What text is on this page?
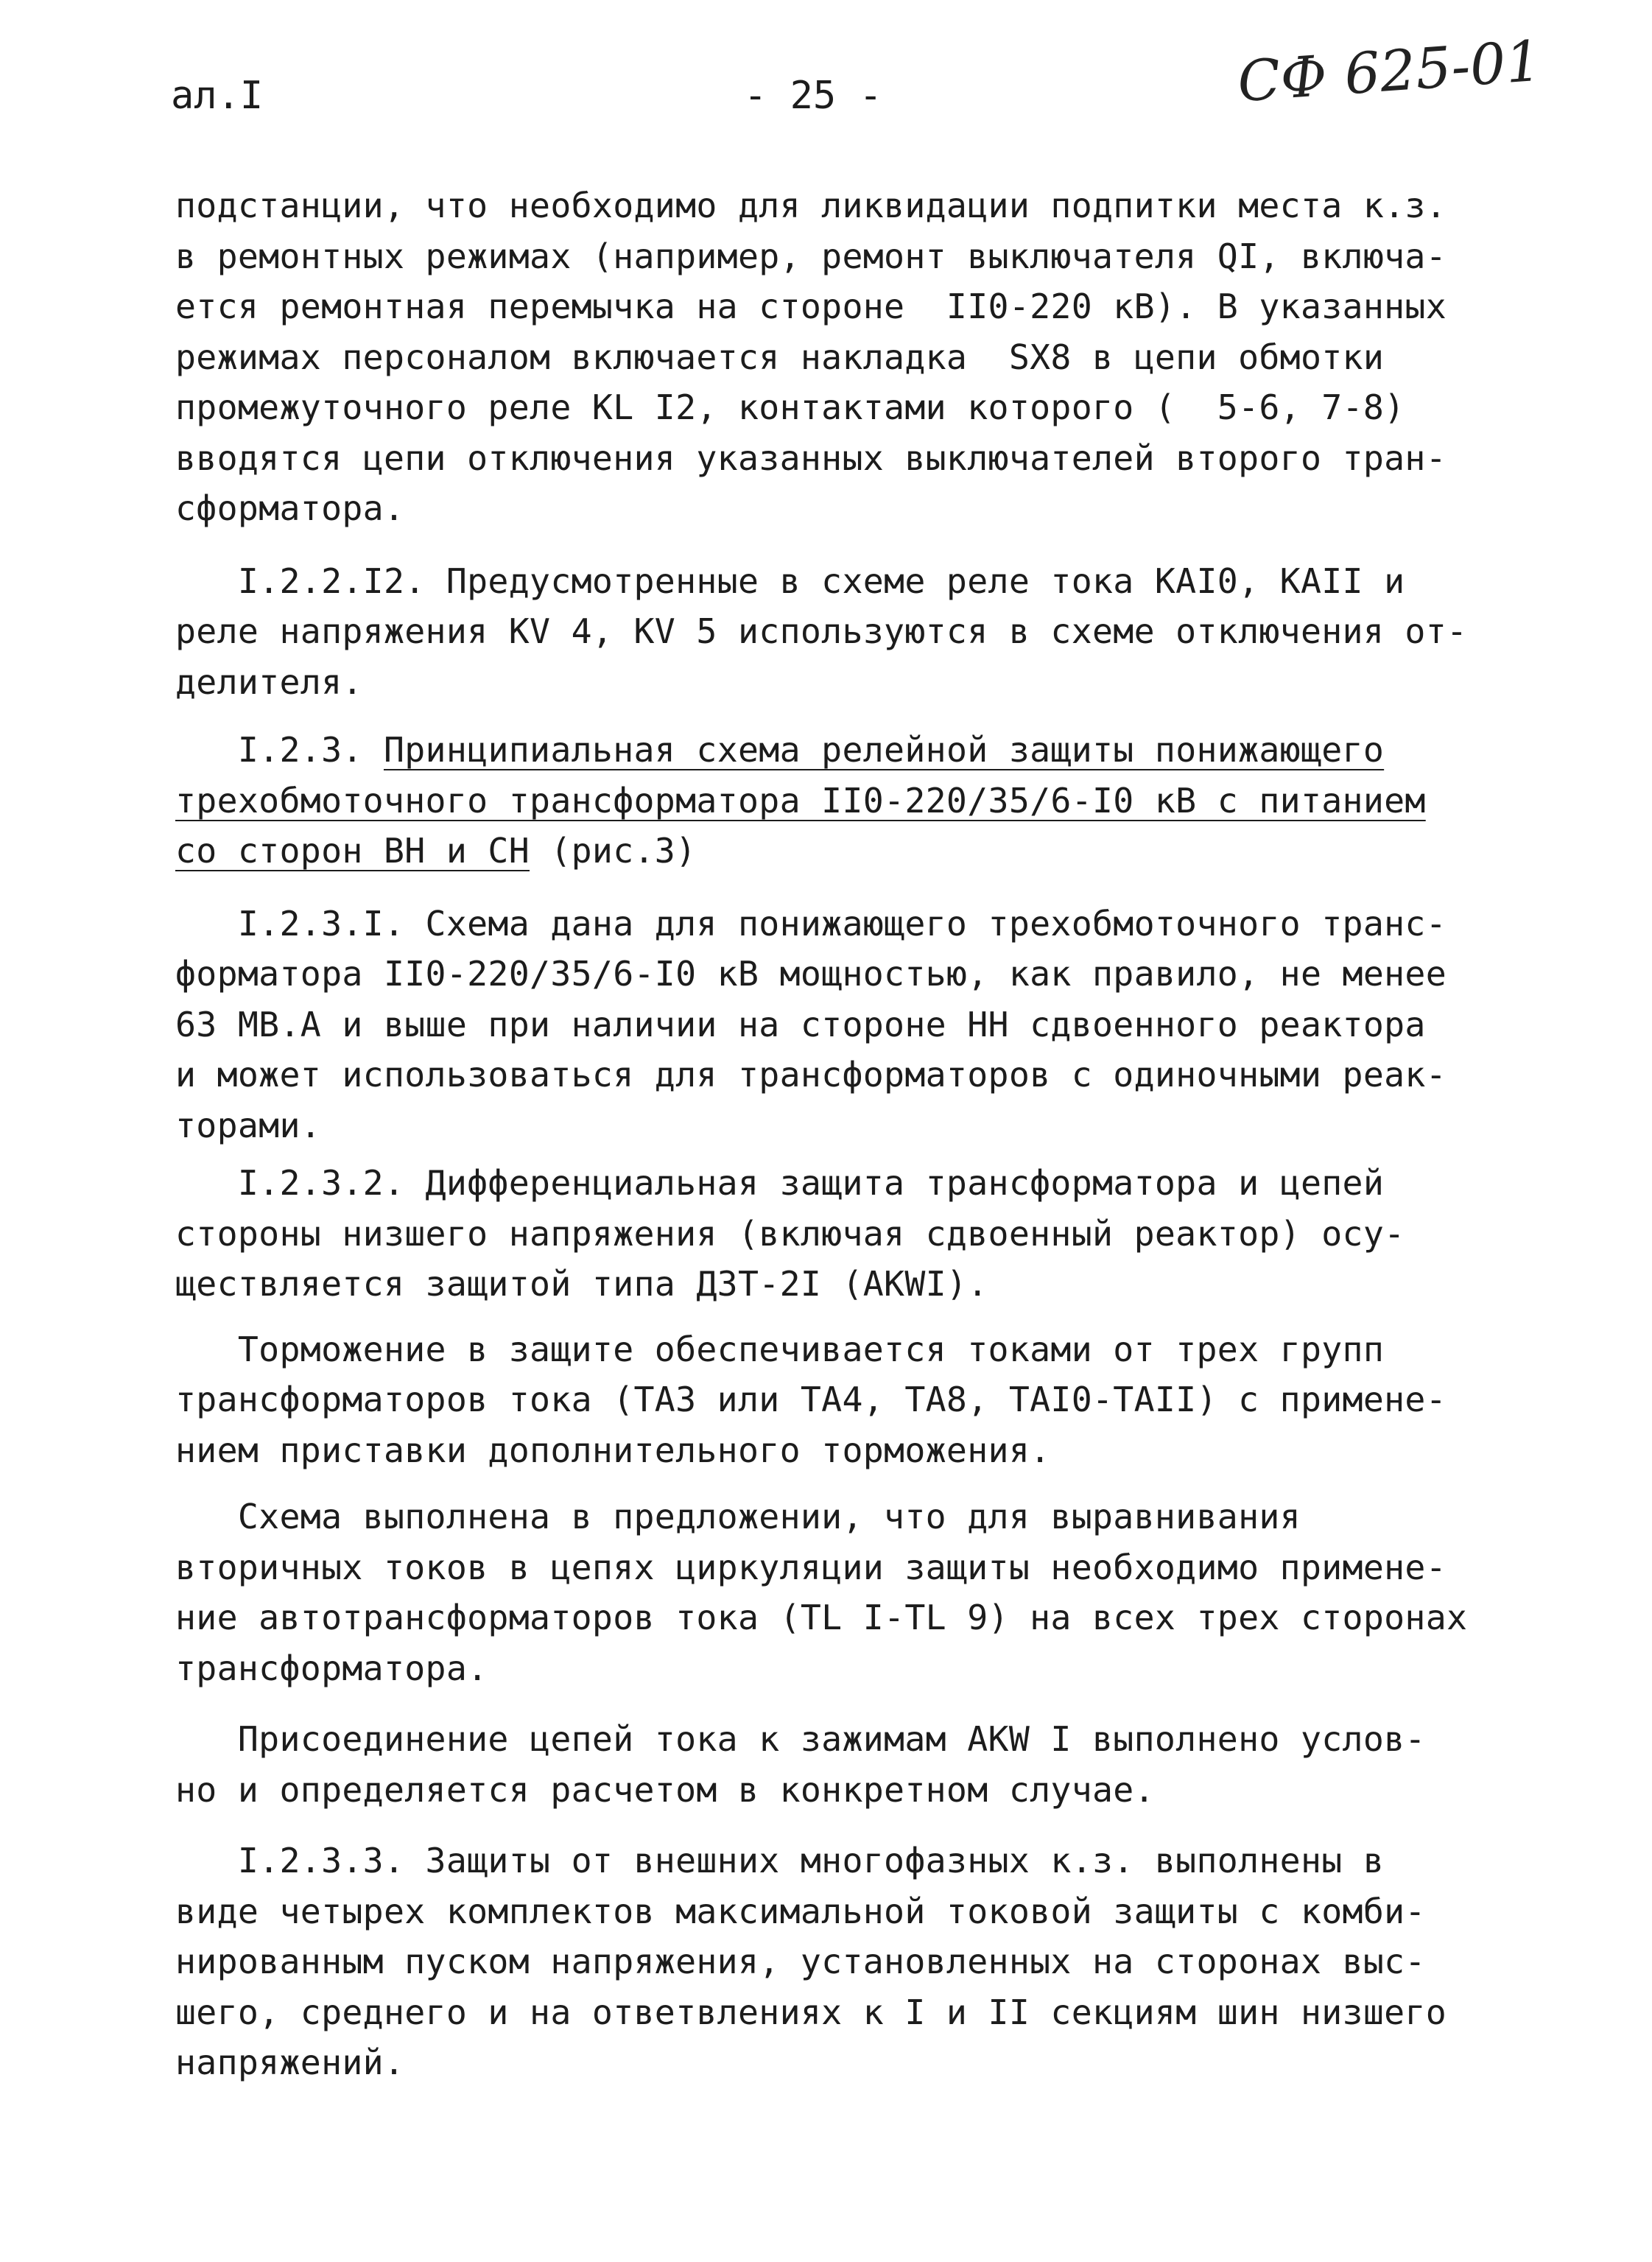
ал.I	- 25 -	СФ 625-01

подстанции, что необходимо для ликвидации подпитки места к.з.

в ремонтных режимах (например, ремонт выключателя QI, включа-

ется ремонтная перемычка на стороне  II0-220 кВ). В указанных

режимах персоналом включается накладка  SX8 в цепи обмотки

промежуточного реле KL I2, контактами которого (  5-6, 7-8)

вводятся цепи отключения указанных выключателей второго тран-

сформатора.

I.2.2.I2. Предусмотренные в схеме реле тока КАI0, КАII и

реле напряжения KV 4, KV 5 используются в схеме отключения от-

делителя.

I.2.3. Принципиальная схема релейной защиты понижающего

трехобмоточного трансформатора II0-220/35/6-I0 кВ с питанием

со сторон ВН и СН (рис.3)

I.2.3.I. Схема дана для понижающего трехобмоточного транс-

форматора II0-220/35/6-I0 кВ мощностью, как правило, не менее

63 МВ.А и выше при наличии на стороне НН сдвоенного реактора

и может использоваться для трансформаторов с одиночными реак-

торами.

I.2.3.2. Дифференциальная защита трансформатора и цепей

стороны низшего напряжения (включая сдвоенный реактор) осу-

ществляется защитой типа ДЗТ-2I (AKWI).

Торможение в защите обеспечивается токами от трех групп

трансформаторов тока (ТА3 или ТА4, ТА8, ТАI0-ТАII) с примене-

нием приставки дополнительного торможения.

Схема выполнена в предложении, что для выравнивания

вторичных токов в цепях циркуляции защиты необходимо примене-

ние автотрансформаторов тока (TL I-TL 9) на всех трех сторонах

трансформатора.

Присоединение цепей тока к зажимам AKW I выполнено услов-

но и определяется расчетом в конкретном случае.

I.2.3.3. Защиты от внешних многофазных к.з. выполнены в

виде четырех комплектов максимальной токовой защиты с комби-

нированным пуском напряжения, установленных на сторонах выс-

шего, среднего и на ответвлениях к I и II секциям шин низшего

напряжений.
